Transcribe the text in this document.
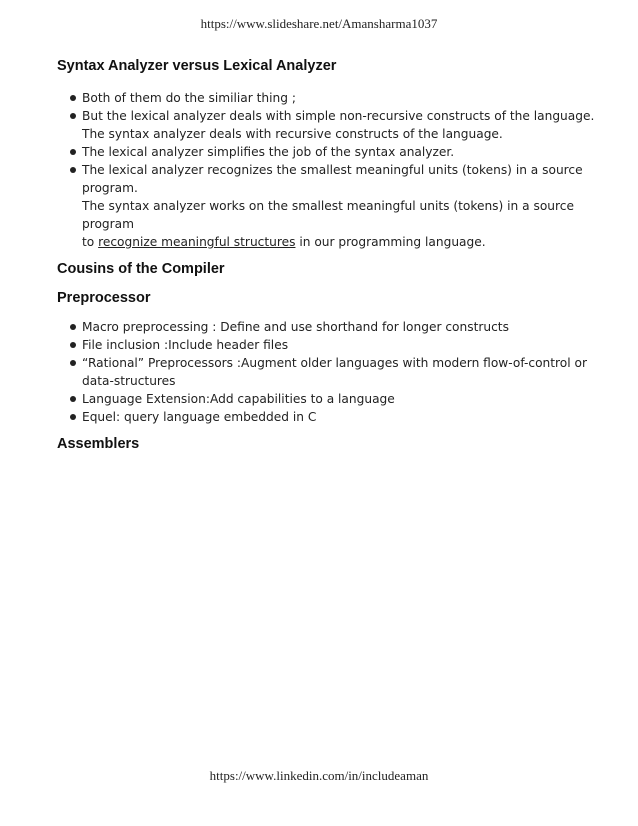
https://www.slideshare.net/Amansharma1037
Syntax Analyzer versus Lexical Analyzer
Both of them do the similiar thing ;
But the lexical analyzer deals with simple non-recursive constructs of the language.
The syntax analyzer deals with recursive constructs of the language.
The lexical analyzer simplifies the job of the syntax analyzer.
The lexical analyzer recognizes the smallest meaningful units (tokens) in a source
program.
The syntax analyzer works on the smallest meaningful units (tokens) in a source program
to recognize meaningful structures in our programming language.
Cousins of the Compiler
Preprocessor
Macro preprocessing : Define and use shorthand for longer constructs
File inclusion :Include header files
“Rational” Preprocessors :Augment older languages with modern flow-of-control or
data-structures
Language Extension:Add capabilities to a language
Equel: query language embedded in C
Assemblers
https://www.linkedin.com/in/includeaman
